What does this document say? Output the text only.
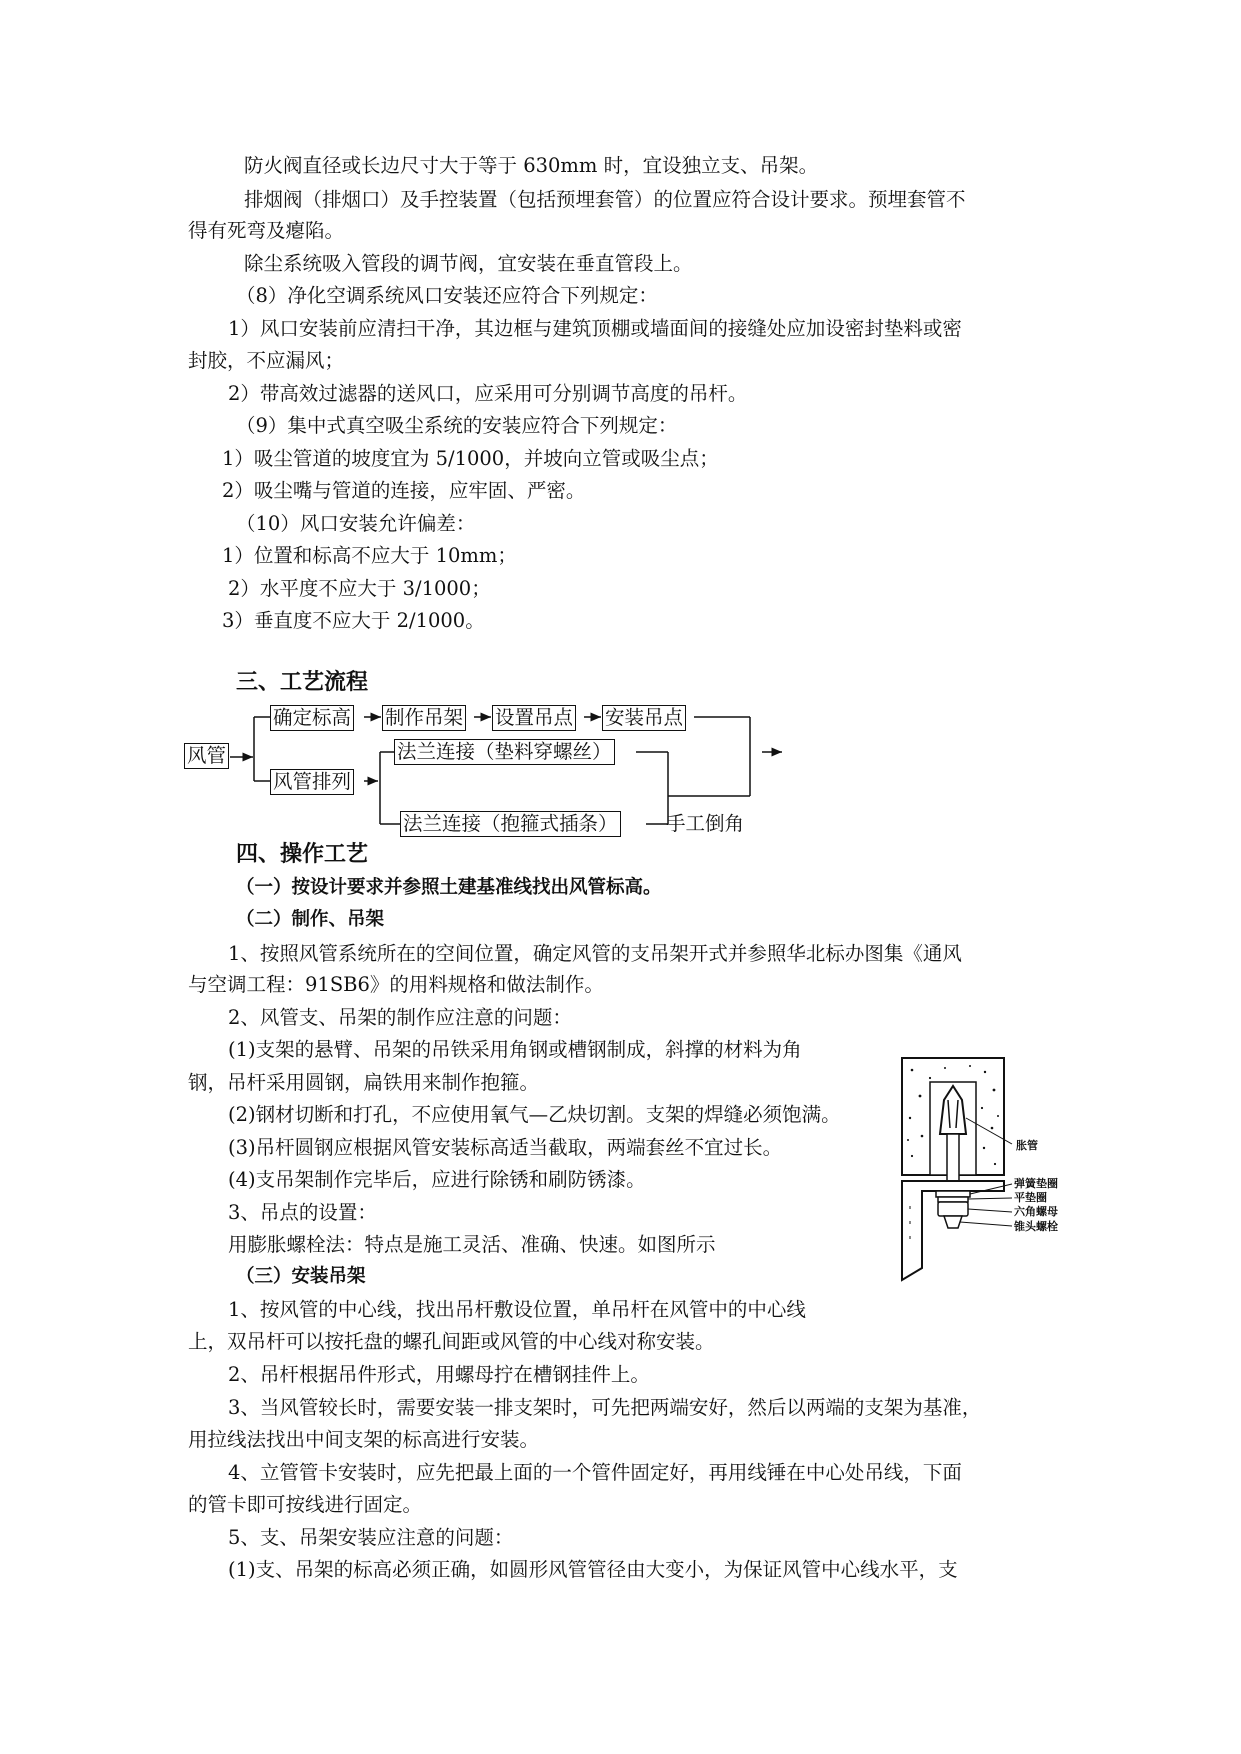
防火阀直径或长边尺寸大于等于 630mm 时，宜设独立支、吊架。
排烟阀（排烟口）及手控装置（包括预埋套管）的位置应符合设计要求。预埋套管不
得有死弯及瘪陷。
除尘系统吸入管段的调节阀，宜安装在垂直管段上。
（8）净化空调系统风口安装还应符合下列规定：
1）风口安装前应清扫干净，其边框与建筑顶棚或墙面间的接缝处应加设密封垫料或密
封胶，不应漏风；
2）带高效过滤器的送风口，应采用可分别调节高度的吊杆。
（9）集中式真空吸尘系统的安装应符合下列规定：
1）吸尘管道的坡度宜为 5/1000，并坡向立管或吸尘点；
2）吸尘嘴与管道的连接，应牢固、严密。
（10）风口安装允许偏差：
1）位置和标高不应大于 10mm；
2）水平度不应大于 3/1000；
3）垂直度不应大于 2/1000。
三、工艺流程
风管
确定标高 制作吊架 设置吊点 安装吊点
风管排列
法兰连接（垫料穿螺丝）
法兰连接（抱箍式插条） 手工倒角
四、操作工艺
（一）按设计要求并参照土建基准线找出风管标高。
（二）制作、吊架
1、按照风管系统所在的空间位置，确定风管的支吊架开式并参照华北标办图集《通风
与空调工程：91SB6》的用料规格和做法制作。
2、风管支、吊架的制作应注意的问题：
(1)支架的悬臂、吊架的吊铁采用角钢或槽钢制成，斜撑的材料为角
钢，吊杆采用圆钢，扁铁用来制作抱箍。
(2)钢材切断和打孔，不应使用氧气—乙炔切割。支架的焊缝必须饱满。
(3)吊杆圆钢应根据风管安装标高适当截取，两端套丝不宜过长。
(4)支吊架制作完毕后，应进行除锈和刷防锈漆。
3、吊点的设置：
用膨胀螺栓法：特点是施工灵活、准确、快速。如图所示
（三）安装吊架
1、按风管的中心线，找出吊杆敷设位置，单吊杆在风管中的中心线
上，双吊杆可以按托盘的螺孔间距或风管的中心线对称安装。
2、吊杆根据吊件形式，用螺母拧在槽钢挂件上。
3、当风管较长时，需要安装一排支架时，可先把两端安好，然后以两端的支架为基准，
用拉线法找出中间支架的标高进行安装。
4、立管管卡安装时，应先把最上面的一个管件固定好，再用线锤在中心处吊线，下面
的管卡即可按线进行固定。
5、支、吊架安装应注意的问题：
(1)支、吊架的标高必须正确，如圆形风管管径由大变小，为保证风管中心线水平，支
胀管
弹簧垫圈
平垫圈
六角螺母
锥头螺栓
